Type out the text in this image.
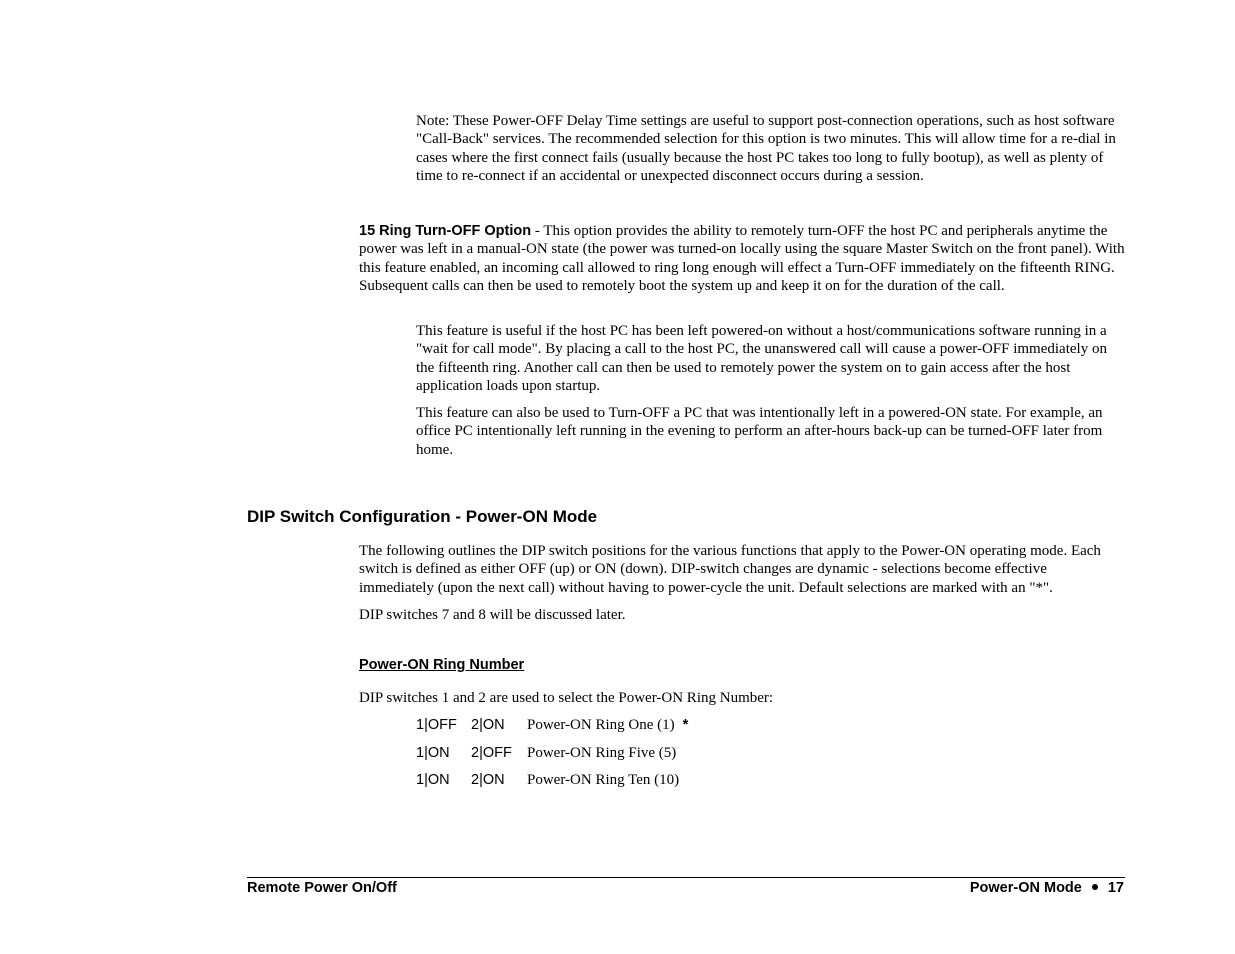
Note: These Power-OFF Delay Time settings are useful to support post-connection operations, such as host software "Call-Back" services. The recommended selection for this option is two minutes. This will allow time for a re-dial in cases where the first connect fails (usually because the host PC takes too long to fully bootup), as well as plenty of time to re-connect if an accidental or unexpected disconnect occurs during a session.

15 Ring Turn-OFF Option - This option provides the ability to remotely turn-OFF the host PC and peripherals anytime the power was left in a manual-ON state (the power was turned-on locally using the square Master Switch on the front panel). With this feature enabled, an incoming call allowed to ring long enough will effect a Turn-OFF immediately on the fifteenth RING. Subsequent calls can then be used to remotely boot the system up and keep it on for the duration of the call.

This feature is useful if the host PC has been left powered-on without a host/communications software running in a "wait for call mode". By placing a call to the host PC, the unanswered call will cause a power-OFF immediately on the fifteenth ring. Another call can then be used to remotely power the system on to gain access after the host application loads upon startup.

This feature can also be used to Turn-OFF a PC that was intentionally left in a powered-ON state. For example, an office PC intentionally left running in the evening to perform an after-hours back-up can be turned-OFF later from home.

DIP Switch Configuration - Power-ON Mode

The following outlines the DIP switch positions for the various functions that apply to the Power-ON operating mode. Each switch is defined as either OFF (up) or ON (down). DIP-switch changes are dynamic - selections become effective immediately (upon the next call) without having to power-cycle the unit. Default selections are marked with an "*".

DIP switches 7 and 8 will be discussed later.

Power-ON Ring Number

DIP switches 1 and 2 are used to select the Power-ON Ring Number:

1|OFF 2|ON Power-ON Ring One (1) *
1|ON 2|OFF Power-ON Ring Five (5)
1|ON 2|ON Power-ON Ring Ten (10)
Remote Power On/Off	Power-ON Mode 17
